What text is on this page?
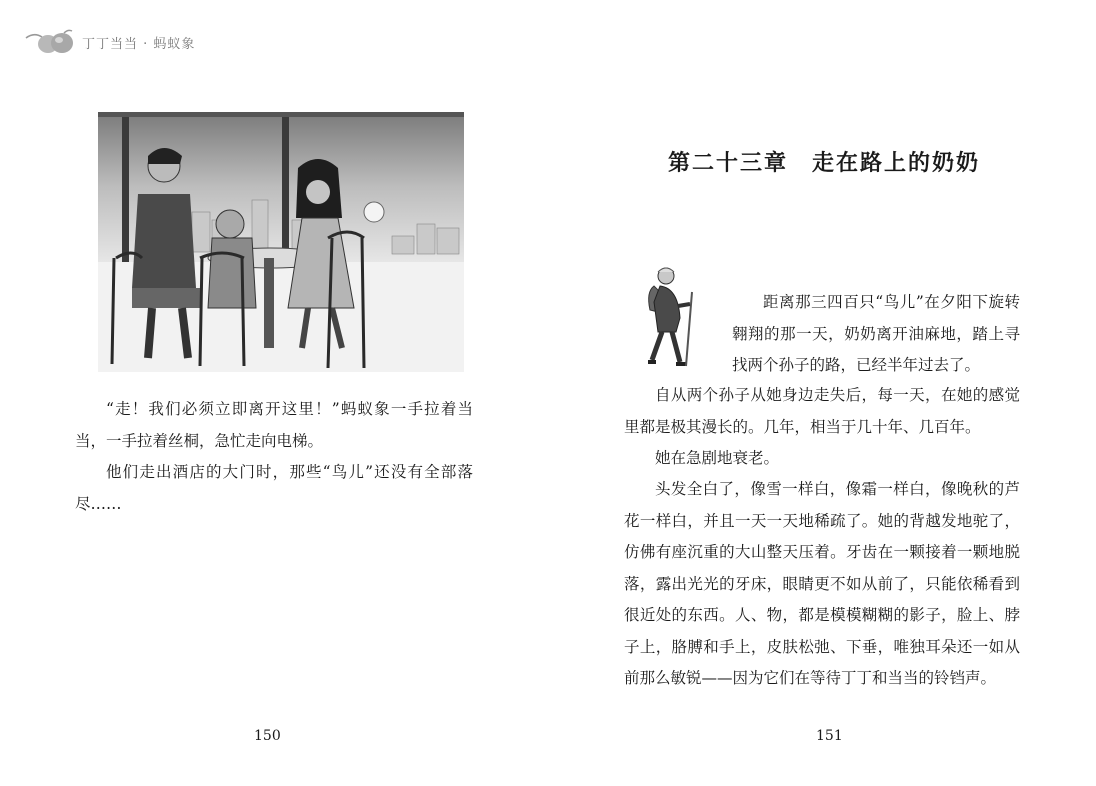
丁丁当当 · 蚂蚁象

“走！我们必须立即离开这里！”蚂蚁象一手拉着当当，一手拉着丝桐，急忙走向电梯。

他们走出酒店的大门时，那些“鸟儿”还没有全部落尽……

150
第二十三章　走在路上的奶奶

距离那三四百只“鸟儿”在夕阳下旋转翱翔的那一天，奶奶离开油麻地，踏上寻找两个孙子的路，已经半年过去了。

自从两个孙子从她身边走失后，每一天，在她的感觉里都是极其漫长的。几年，相当于几十年、几百年。

她在急剧地衰老。

头发全白了，像雪一样白，像霜一样白，像晚秋的芦花一样白，并且一天一天地稀疏了。她的背越发地驼了，仿佛有座沉重的大山整天压着。牙齿在一颗接着一颗地脱落，露出光光的牙床，眼睛更不如从前了，只能依稀看到很近处的东西。人、物，都是模模糊糊的影子，脸上、脖子上，胳膊和手上，皮肤松弛、下垂，唯独耳朵还一如从前那么敏锐——因为它们在等待丁丁和当当的铃铛声。

151
